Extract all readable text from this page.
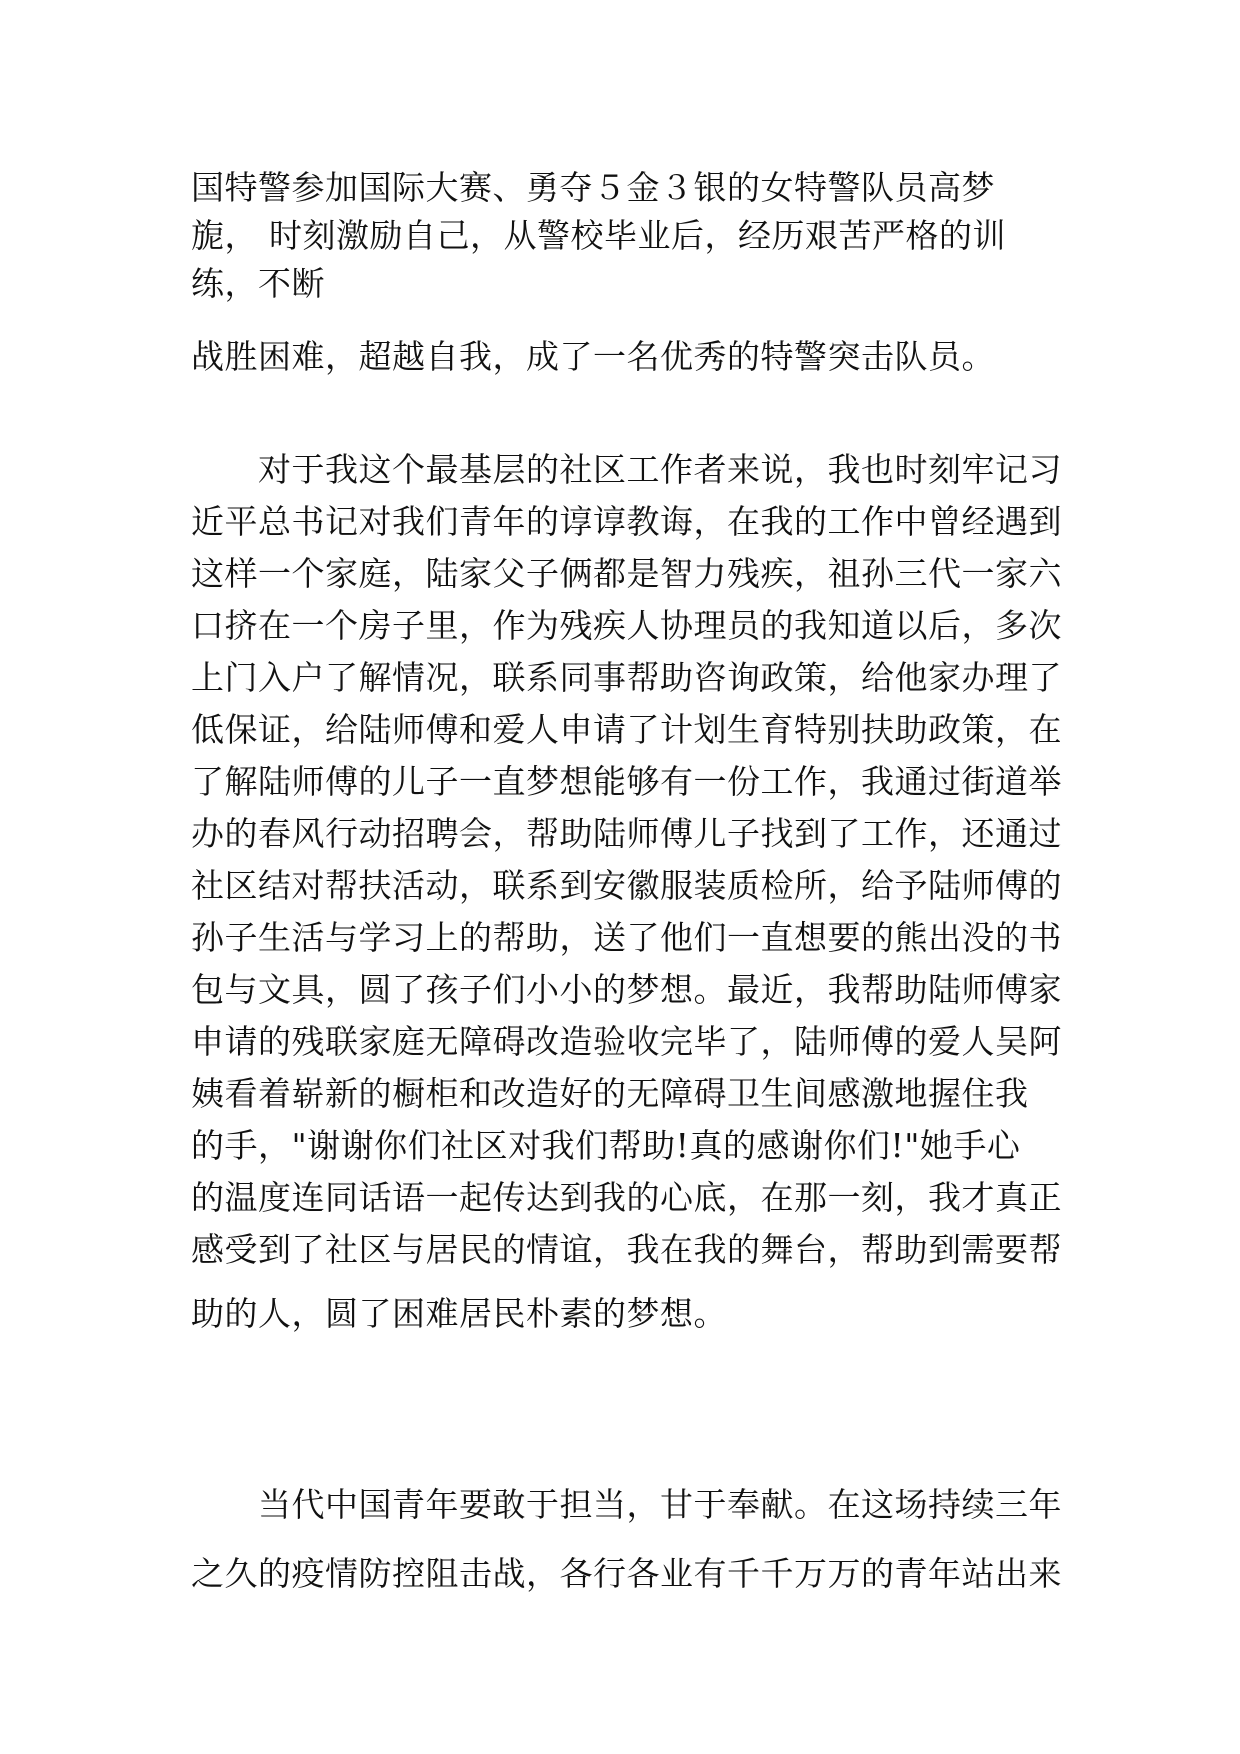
国特警参加国际大赛、勇夺５金３银的女特警队员高梦
旎， 时刻激励自己，从警校毕业后，经历艰苦严格的训
练，不断
战胜困难，超越自我，成了一名优秀的特警突击队员。
对于我这个最基层的社区工作者来说，我也时刻牢记习
近平总书记对我们青年的谆谆教诲，在我的工作中曾经遇到
这样一个家庭，陆家父子俩都是智力残疾，祖孙三代一家六
口挤在一个房子里，作为残疾人协理员的我知道以后，多次
上门入户了解情况，联系同事帮助咨询政策，给他家办理了
低保证，给陆师傅和爱人申请了计划生育特别扶助政策，在
了解陆师傅的儿子一直梦想能够有一份工作，我通过街道举
办的春风行动招聘会，帮助陆师傅儿子找到了工作，还通过
社区结对帮扶活动，联系到安徽服装质检所，给予陆师傅的
孙子生活与学习上的帮助，送了他们一直想要的熊出没的书
包与文具，圆了孩子们小小的梦想。最近，我帮助陆师傅家
申请的残联家庭无障碍改造验收完毕了，陆师傅的爱人吴阿
姨看着崭新的橱柜和改造好的无障碍卫生间感激地握住我
的手，"谢谢你们社区对我们帮助!真的感谢你们!"她手心
的温度连同话语一起传达到我的心底，在那一刻，我才真正
感受到了社区与居民的情谊，我在我的舞台，帮助到需要帮
助的人，圆了困难居民朴素的梦想。
当代中国青年要敢于担当，甘于奉献。在这场持续三年
之久的疫情防控阻击战，各行各业有千千万万的青年站出来
